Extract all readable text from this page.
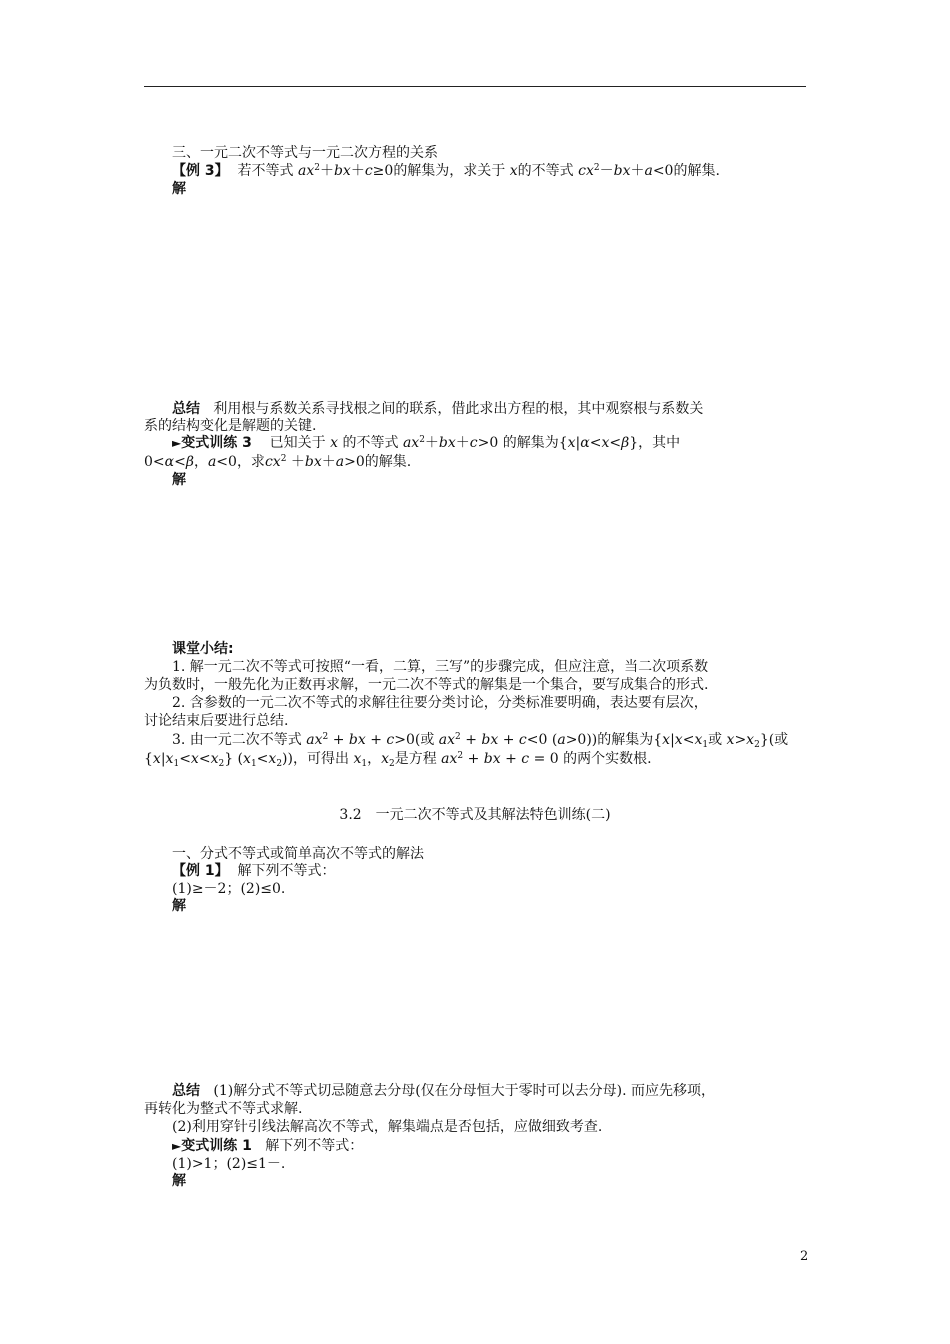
三、一元二次不等式与一元二次方程的关系
【例 3】 若不等式 $ax^2+bx+c\ge 0$的解集为，求关于 x的不等式 $cx^2-bx+a<0$的解集.
解
总结 利用根与系数关系寻找根之间的联系，借此求出方程的根，其中观察根与系数关
系的结构变化是解题的关键.
►变式训练 3 已知关于 x 的不等式 $ax^2+bx+c>0$ 的解集为{x|α<x<β}，其中
0<α<β，a<0，求$cx^2 +bx+a>0$的解集.
解
课堂小结:
1. 解一元二次不等式可按照“一看，二算，三写”的步骤完成，但应注意，当二次项系数
为负数时，一般先化为正数再求解，一元二次不等式的解集是一个集合，要写成集合的形式.
2. 含参数的一元二次不等式的求解往往要分类讨论，分类标准要明确，表达要有层次，
讨论结束后要进行总结.
3. 由一元二次不等式 $ax^2$ + bx + c>0(或 $ax^2$ + bx + c<0 (a>0))的解集为{$x|x<x_1$或 $x>x_2$}(或
$\{x|x_1<x<x_2\}$ $(x_1<x_2)$)，可得出 $x_1$，$x_2$是方程 $ax^2$ + bx + c = 0 的两个实数根.
3.2　一元二次不等式及其解法特色训练(二)
一、分式不等式或简单高次不等式的解法
【例 1】 解下列不等式：
(1)≥－2；(2)≤0.
解
总结 (1)解分式不等式切忌随意去分母(仅在分母恒大于零时可以去分母). 而应先移项，
再转化为整式不等式求解.
(2)利用穿针引线法解高次不等式，解集端点是否包括，应做细致考查.
►变式训练 1 解下列不等式：
(1)>1；(2)≤1－.
解
2
